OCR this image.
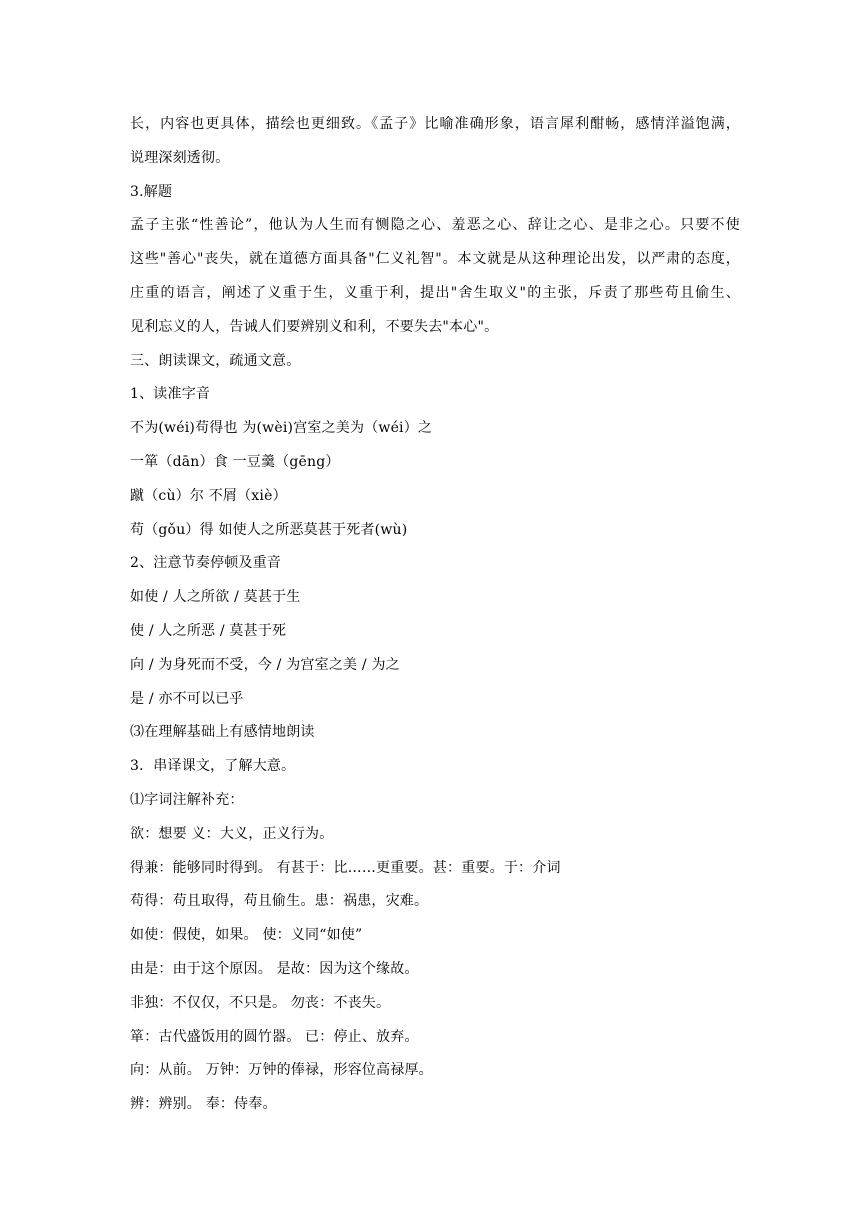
长，内容也更具体，描绘也更细致。《孟子》比喻准确形象，语言犀利酣畅，感情洋溢饱满，
说理深刻透彻。
3.解题
孟子主张“性善论”，他认为人生而有恻隐之心、羞恶之心、辞让之心、是非之心。只要不使
这些"善心"丧失，就在道德方面具备"仁义礼智"。本文就是从这种理论出发，以严肃的态度，
庄重的语言，阐述了义重于生，义重于利，提出"舍生取义"的主张，斥责了那些苟且偷生、
见利忘义的人，告诫人们要辨别义和利，不要失去"本心"。
三、朗读课文，疏通文意。
1、读准字音
不为(wéi)苟得也 为(wèi)宫室之美为（wéi）之
一箪（dān）食 一豆羹（gēng）
蹴（cù）尔 不屑（xiè）
苟（gǒu）得 如使人之所恶莫甚于死者(wù)
2、注意节奏停顿及重音
如使 / 人之所欲 / 莫甚于生
使 / 人之所恶 / 莫甚于死
向 / 为身死而不受，今 / 为宫室之美 / 为之
是 / 亦不可以已乎
⑶在理解基础上有感情地朗读
3．串译课文，了解大意。
⑴字词注解补充：
欲：想要 义：大义，正义行为。
得兼：能够同时得到。 有甚于：比……更重要。甚：重要。于：介词
苟得：苟且取得，苟且偷生。患：祸患，灾难。
如使：假使，如果。 使：义同“如使”
由是：由于这个原因。 是故：因为这个缘故。
非独：不仅仅，不只是。 勿丧：不丧失。
箪：古代盛饭用的圆竹器。 已：停止、放弃。
向：从前。 万钟：万钟的俸禄，形容位高禄厚。
辨：辨别。 奉：侍奉。
